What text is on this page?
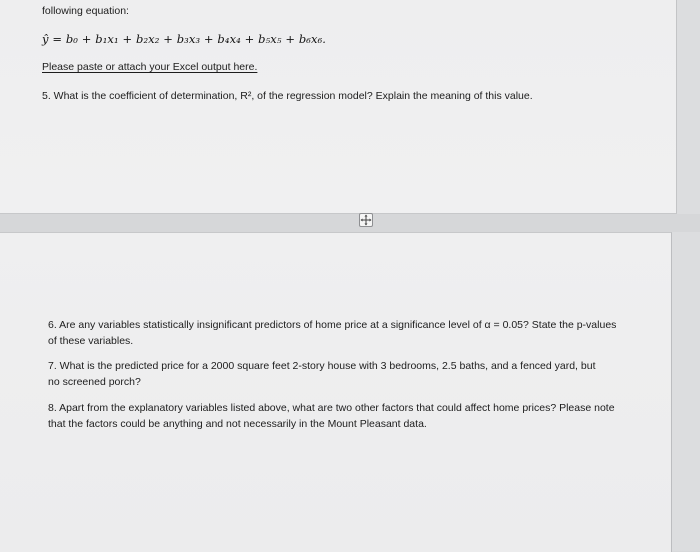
following equation:
ŷ = b₀ + b₁x₁ + b₂x₂ + b₃x₃ + b₄x₄ + b₅x₅ + b₆x₆.
Please paste or attach your Excel output here.
5. What is the coefficient of determination, R², of the regression model? Explain the meaning of this value.
6. Are any variables statistically insignificant predictors of home price at a significance level of α = 0.05? State the p-values of these variables.
7. What is the predicted price for a 2000 square feet 2-story house with 3 bedrooms, 2.5 baths, and a fenced yard, but no screened porch?
8. Apart from the explanatory variables listed above, what are two other factors that could affect home prices? Please note that the factors could be anything and not necessarily in the Mount Pleasant data.
